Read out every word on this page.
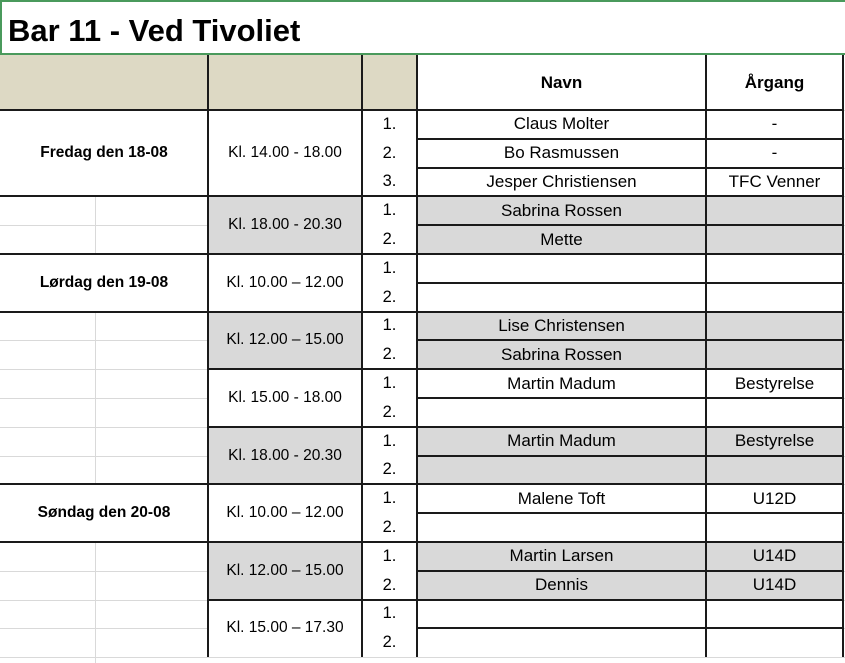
Bar 11 - Ved Tivoliet
Navn	Årgang
Fredag den 18-08	Kl. 14.00 - 18.00
1.	Claus Molter	-
2.	Bo Rasmussen	-
3.	Jesper Christiensen	TFC Venner
Kl. 18.00 - 20.30
1.	Sabrina Rossen
2.	Mette
Lørdag den 19-08	Kl. 10.00 – 12.00
1.
2.
Kl. 12.00 – 15.00
1.	Lise Christensen
2.	Sabrina Rossen
Kl. 15.00 - 18.00
1.	Martin Madum	Bestyrelse
2.
Kl. 18.00 - 20.30
1.	Martin Madum	Bestyrelse
2.
Søndag den 20-08	Kl. 10.00 – 12.00
1.	Malene Toft	U12D
2.
Kl. 12.00 – 15.00
1.	Martin Larsen	U14D
2.	Dennis	U14D
Kl. 15.00 – 17.30
1.
2.
